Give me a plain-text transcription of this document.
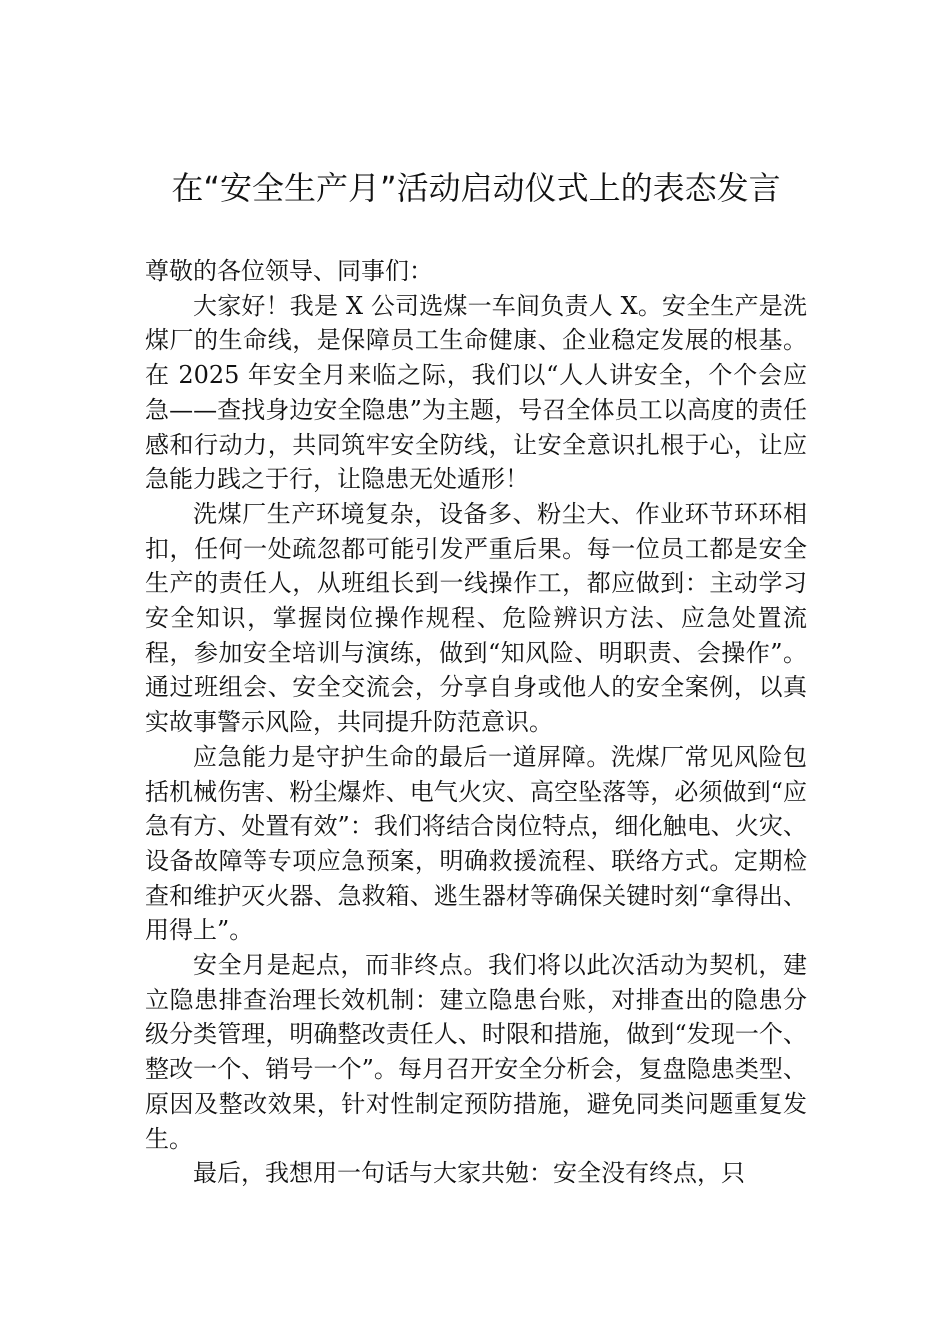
在“安全生产月”活动启动仪式上的表态发言

尊敬的各位领导、同事们：

大家好！我是 X 公司选煤一车间负责人 X。安全生产是洗煤厂的生命线，是保障员工生命健康、企业稳定发展的根基。在 2025 年安全月来临之际，我们以“人人讲安全，个个会应急——查找身边安全隐患”为主题，号召全体员工以高度的责任感和行动力，共同筑牢安全防线，让安全意识扎根于心，让应急能力践之于行，让隐患无处遁形！

洗煤厂生产环境复杂，设备多、粉尘大、作业环节环环相扣，任何一处疏忽都可能引发严重后果。每一位员工都是安全生产的责任人，从班组长到一线操作工，都应做到：主动学习安全知识，掌握岗位操作规程、危险辨识方法、应急处置流程，参加安全培训与演练，做到“知风险、明职责、会操作”。通过班组会、安全交流会，分享自身或他人的安全案例，以真实故事警示风险，共同提升防范意识。

应急能力是守护生命的最后一道屏障。洗煤厂常见风险包括机械伤害、粉尘爆炸、电气火灾、高空坠落等，必须做到“应急有方、处置有效”：我们将结合岗位特点，细化触电、火灾、设备故障等专项应急预案，明确救援流程、联络方式。定期检查和维护灭火器、急救箱、逃生器材等确保关键时刻“拿得出、用得上”。

安全月是起点，而非终点。我们将以此次活动为契机，建立隐患排查治理长效机制：建立隐患台账，对排查出的隐患分级分类管理，明确整改责任人、时限和措施，做到“发现一个、整改一个、销号一个”。每月召开安全分析会，复盘隐患类型、原因及整改效果，针对性制定预防措施，避免同类问题重复发生。

最后，我想用一句话与大家共勉：安全没有终点，只
